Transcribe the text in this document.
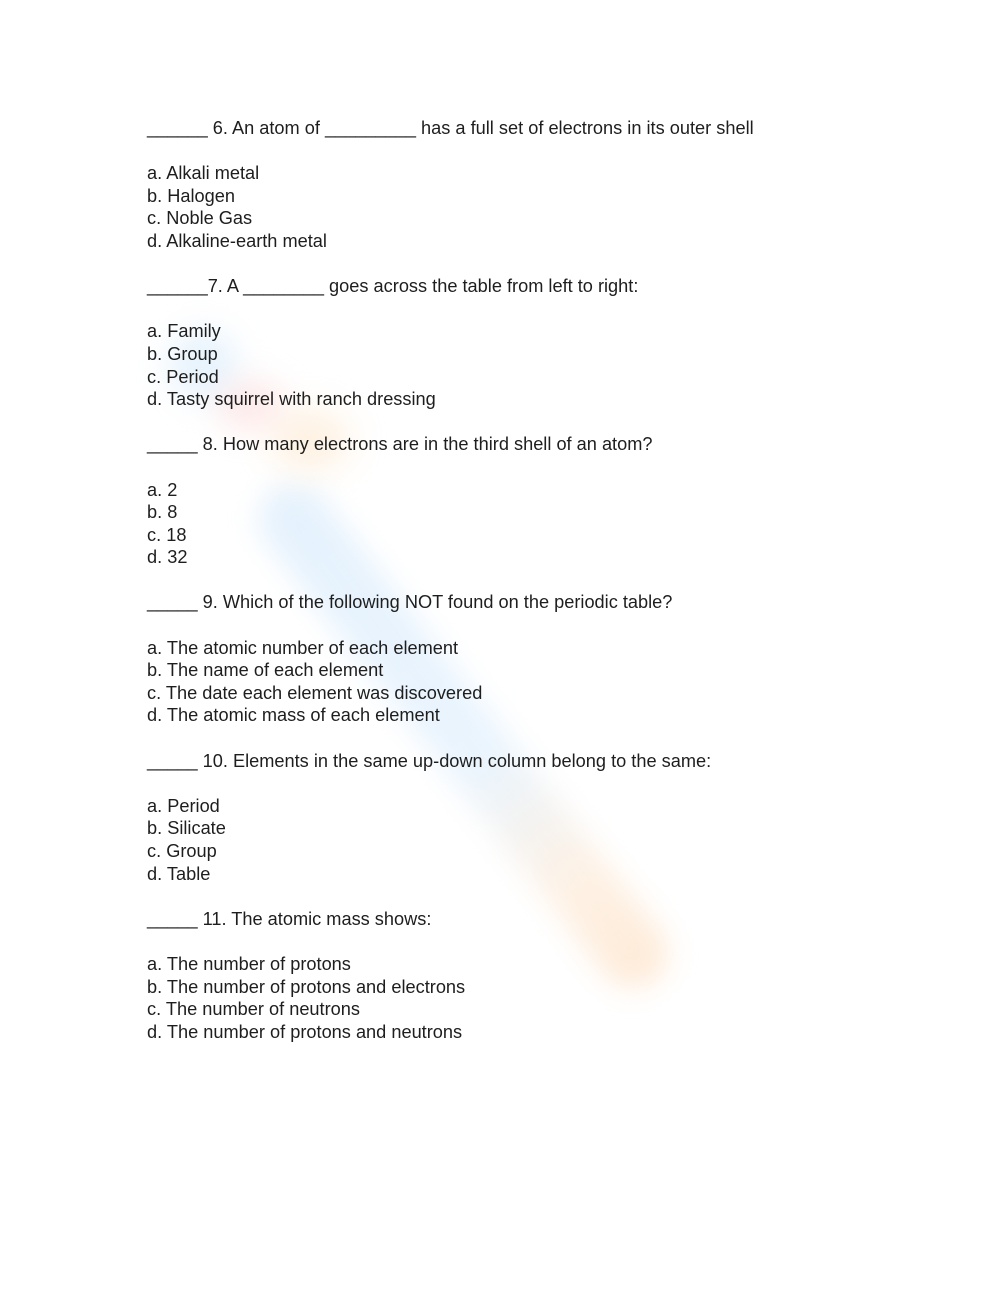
______ 6. An atom of _________ has a full set of electrons in its outer shell

a. Alkali metal
b. Halogen
c. Noble Gas
d. Alkaline-earth metal

______7. A ________ goes across the table from left to right:

a. Family
b. Group
c. Period
d. Tasty squirrel with ranch dressing

_____ 8. How many electrons are in the third shell of an atom?

a. 2
b. 8
c. 18
d. 32

_____ 9. Which of the following NOT found on the periodic table?

a. The atomic number of each element
b. The name of each element
c. The date each element was discovered
d. The atomic mass of each element

_____ 10. Elements in the same up-down column belong to the same:

a. Period
b. Silicate
c. Group
d. Table

_____ 11. The atomic mass shows:

a. The number of protons
b. The number of protons and electrons
c. The number of neutrons
d. The number of protons and neutrons
